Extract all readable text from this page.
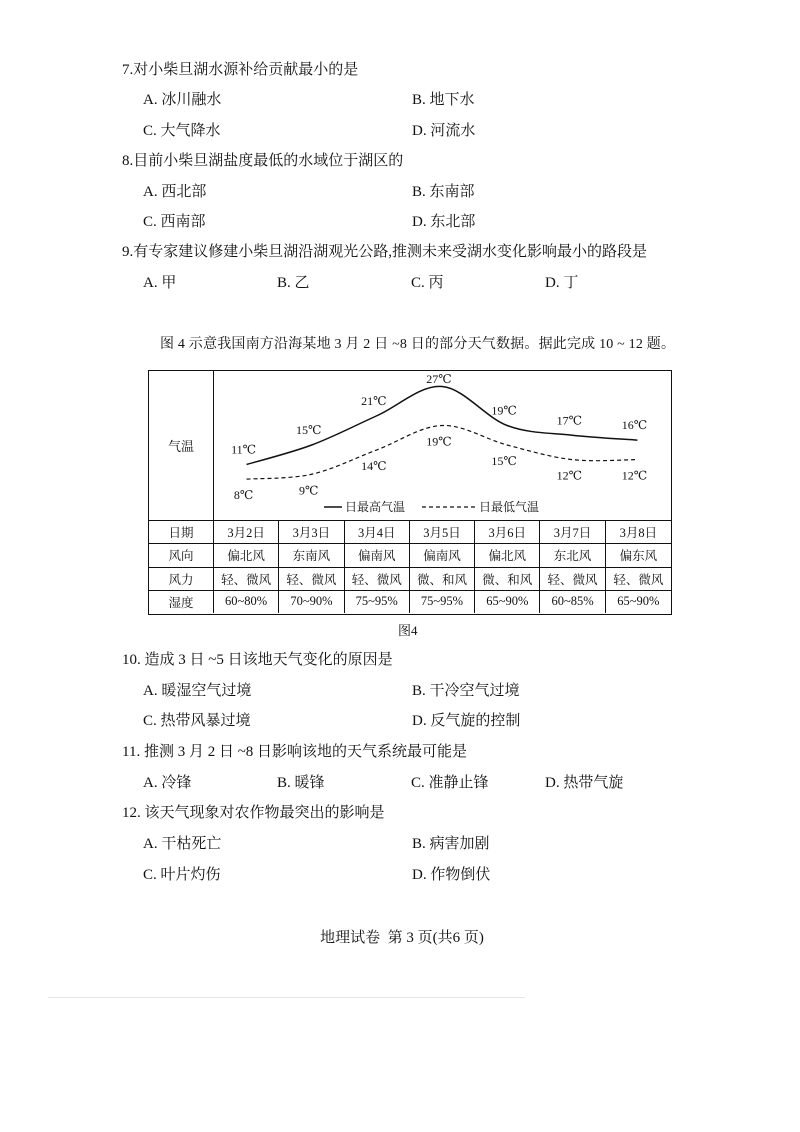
7.对小柴旦湖水源补给贡献最小的是
A. 冰川融水	B. 地下水
C. 大气降水	D. 河流水
8.目前小柴旦湖盐度最低的水域位于湖区的
A. 西北部	B. 东南部
C. 西南部	D. 东北部
9.有专家建议修建小柴旦湖沿湖观光公路,推测未来受湖水变化影响最小的路段是
A. 甲	B. 乙	C. 丙	D. 丁
图 4 示意我国南方沿海某地 3 月 2 日 ~8 日的部分天气数据。据此完成 10 ~ 12 题。
气温
日最高气温	日最低气温
11℃
15℃
21℃
27℃
19℃
17℃	16℃
8℃	9℃
14℃
19℃
15℃
12℃	12℃
日期	3月2日	3月3日	3月4日	3月5日	3月6日	3月7日	3月8日
风向	偏北风	东南风	偏南风	偏南风	偏北风	东北风	偏东风
风力	轻、微风	轻、微风	轻、微风	微、和风	微、和风	轻、微风	轻、微风
湿度	60~80%	70~90%	75~95%	75~95%	65~90%	60~85%	65~90%
图4
10. 造成 3 日 ~5 日该地天气变化的原因是
A. 暖湿空气过境	B. 干冷空气过境
C. 热带风暴过境	D. 反气旋的控制
11. 推测 3 月 2 日 ~8 日影响该地的天气系统最可能是
A. 冷锋	B. 暖锋	C. 准静止锋	D. 热带气旋
12. 该天气现象对农作物最突出的影响是
A. 干枯死亡	B. 病害加剧
C. 叶片灼伤	D. 作物倒伏
地理试卷  第 3 页(共6 页)
